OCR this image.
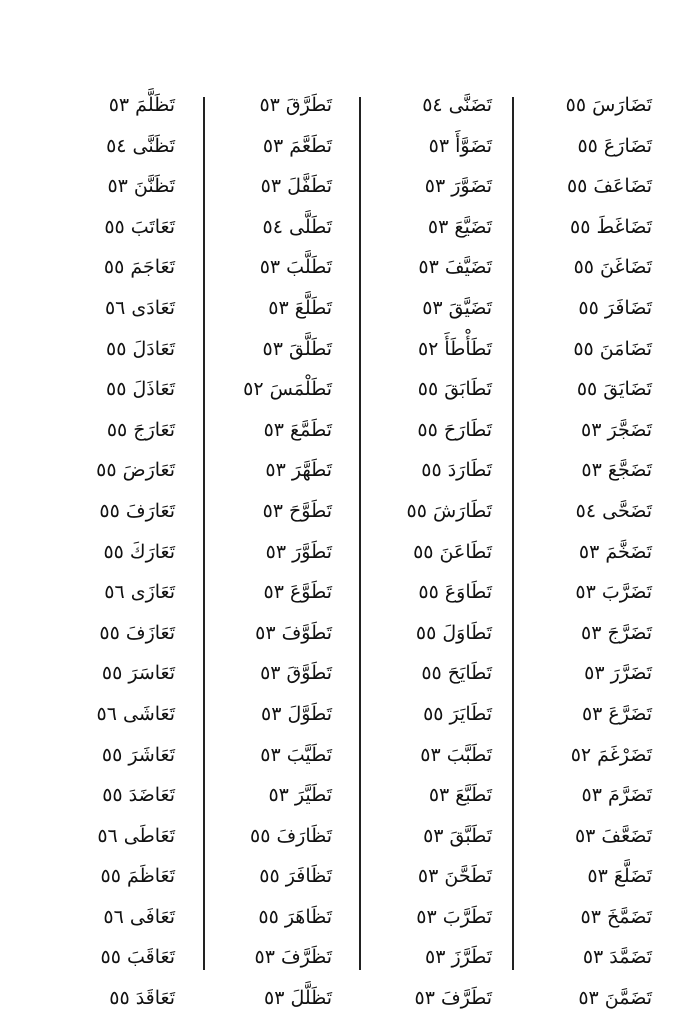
تَضَارَسَ ٥٥
تَضَارَعَ ٥٥
تَضَاعَفَ ٥٥
تَضَاغَطَ ٥٥
تَضَاغَنَ ٥٥
تَضَافَرَ ٥٥
تَضَامَنَ ٥٥
تَضَايَقَ ٥٥
تَضَجَّرَ ٥٣
تَضَجَّعَ ٥٣
تَضَحَّى ٥٤
تَضَخَّمَ ٥٣
تَضَرَّبَ ٥٣
تَضَرَّجَ ٥٣
تَضَرَّرَ ٥٣
تَضَرَّعَ ٥٣
تَضَرْغَمَ ٥٢
تَضَرَّمَ ٥٣
تَضَعَّفَ ٥٣
تَضَلَّعَ ٥٣
تَضَمَّخَ ٥٣
تَضَمَّدَ ٥٣
تَضَمَّنَ ٥٣
تَضَنَّى ٥٤
تَضَوَّأَ ٥٣
تَضَوَّرَ ٥٣
تَضَيَّعَ ٥٣
تَضَيَّفَ ٥٣
تَضَيَّقَ ٥٣
تَطَأْطَأَ ٥٢
تَطَابَقَ ٥٥
تَطَارَحَ ٥٥
تَطَارَدَ ٥٥
تَطَارَشَ ٥٥
تَطَاعَنَ ٥٥
تَطَاوَعَ ٥٥
تَطَاوَلَ ٥٥
تَطَايَحَ ٥٥
تَطَايَرَ ٥٥
تَطَبَّبَ ٥٣
تَطَبَّعَ ٥٣
تَطَبَّقَ ٥٣
تَطَحَّنَ ٥٣
تَطَرَّبَ ٥٣
تَطَرَّزَ ٥٣
تَطَرَّفَ ٥٣
تَطَرَّقَ ٥٣
تَطَعَّمَ ٥٣
تَطَفَّلَ ٥٣
تَطَلَّى ٥٤
تَطَلَّبَ ٥٣
تَطَلَّعَ ٥٣
تَطَلَّقَ ٥٣
تَطَلْمَسَ ٥٢
تَطَمَّعَ ٥٣
تَطَهَّرَ ٥٣
تَطَوَّحَ ٥٣
تَطَوَّرَ ٥٣
تَطَوَّعَ ٥٣
تَطَوَّفَ ٥٣
تَطَوَّقَ ٥٣
تَطَوَّلَ ٥٣
تَطَيَّبَ ٥٣
تَطَيَّرَ ٥٣
تَظَارَفَ ٥٥
تَظَافَرَ ٥٥
تَظَاهَرَ ٥٥
تَظَرَّفَ ٥٣
تَظَلَّلَ ٥٣
تَظَلَّمَ ٥٣
تَظَنَّى ٥٤
تَظَنَّنَ ٥٣
تَعَاتَبَ ٥٥
تَعَاجَمَ ٥٥
تَعَادَى ٥٦
تَعَادَلَ ٥٥
تَعَاذَلَ ٥٥
تَعَارَجَ ٥٥
تَعَارَضَ ٥٥
تَعَارَفَ ٥٥
تَعَارَكَ ٥٥
تَعَازَى ٥٦
تَعَازَفَ ٥٥
تَعَاسَرَ ٥٥
تَعَاشَى ٥٦
تَعَاشَرَ ٥٥
تَعَاضَدَ ٥٥
تَعَاطَى ٥٦
تَعَاظَمَ ٥٥
تَعَافَى ٥٦
تَعَاقَبَ ٥٥
تَعَاقَدَ ٥٥
